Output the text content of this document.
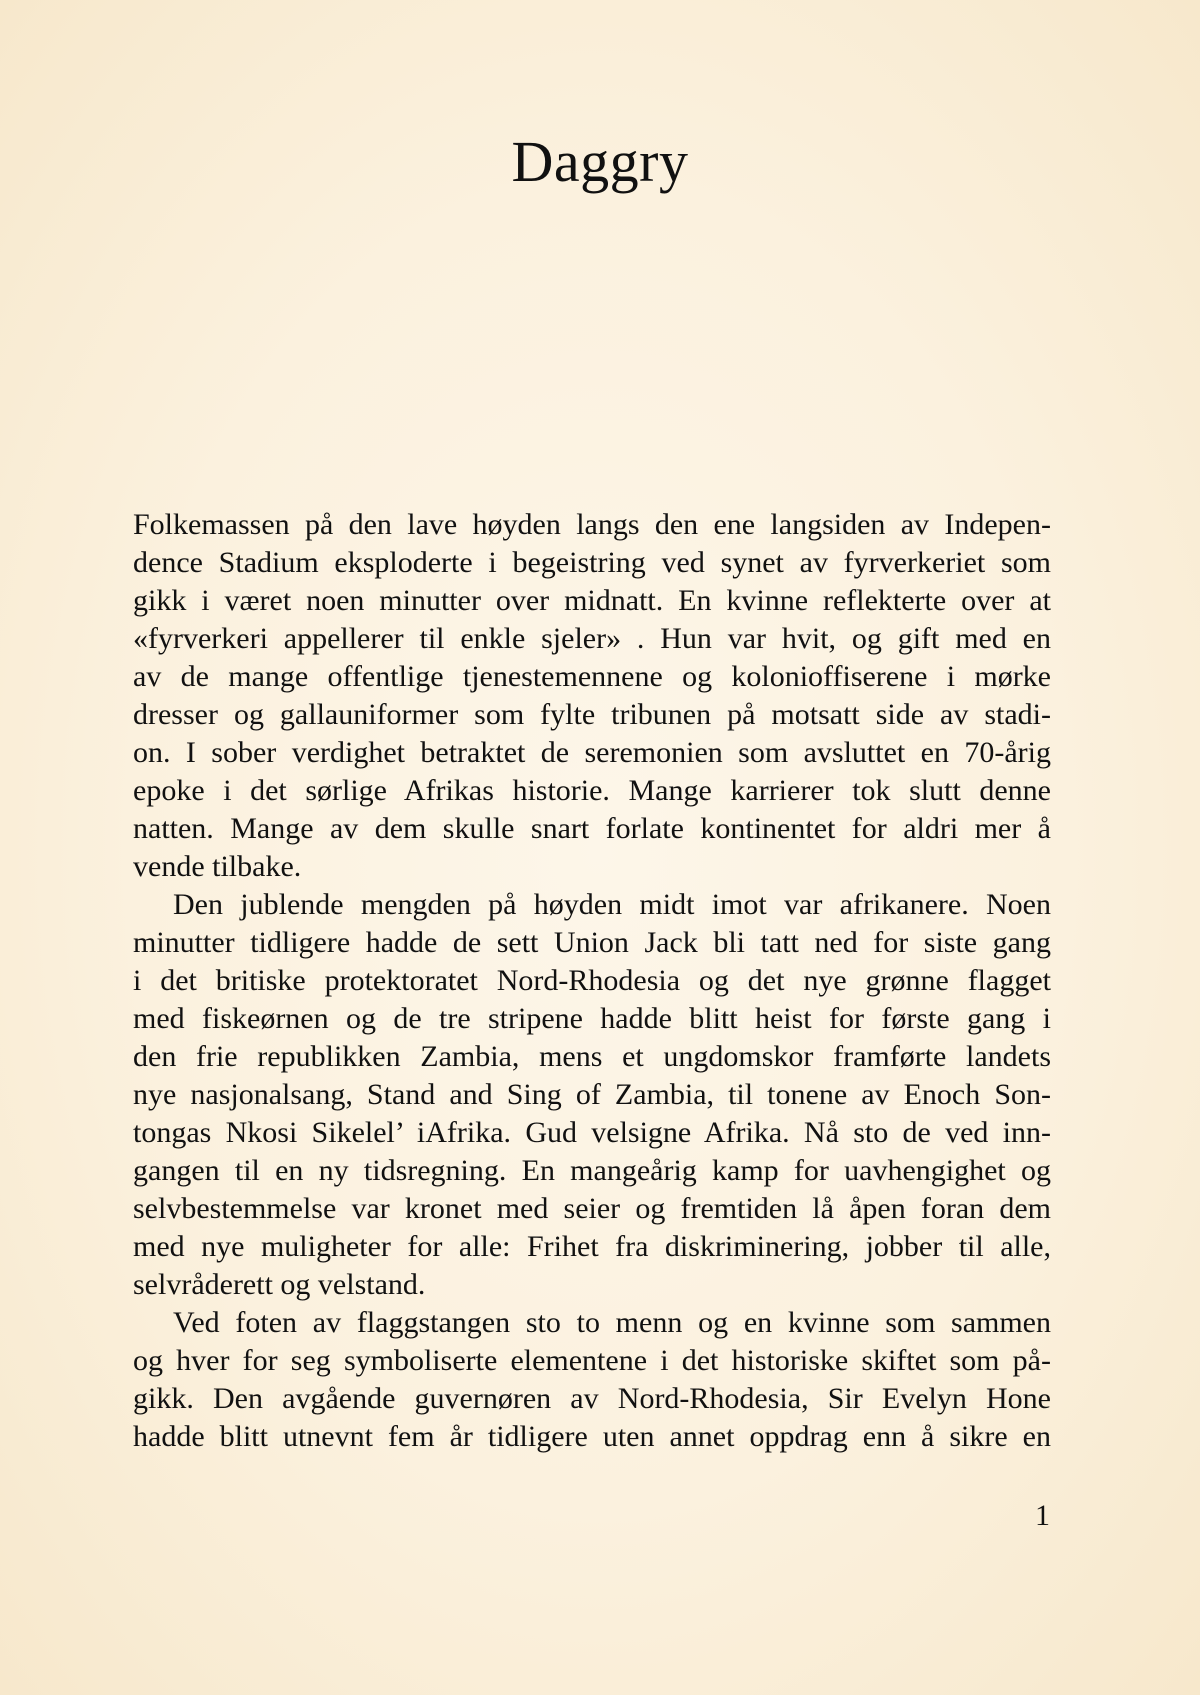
Daggry
Folkemassen på den lave høyden langs den ene langsiden av Indepen-
dence Stadium eksploderte i begeistring ved synet av fyrverkeriet som
gikk i været noen minutter over midnatt. En kvinne reflekterte over at
«fyrverkeri appellerer til enkle sjeler» . Hun var hvit, og gift med en
av de mange offentlige tjenestemennene og kolonioffiserene i mørke
dresser og gallauniformer som fylte tribunen på motsatt side av stadi-
on. I sober verdighet betraktet de seremonien som avsluttet en 70-årig
epoke i det sørlige Afrikas historie. Mange karrierer tok slutt denne
natten. Mange av dem skulle snart forlate kontinentet for aldri mer å
vende tilbake.
Den jublende mengden på høyden midt imot var afrikanere. Noen
minutter tidligere hadde de sett Union Jack bli tatt ned for siste gang
i det britiske protektoratet Nord-Rhodesia og det nye grønne flagget
med fiskeørnen og de tre stripene hadde blitt heist for første gang i
den frie republikken Zambia, mens et ungdomskor framførte landets
nye nasjonalsang, Stand and Sing of Zambia, til tonene av Enoch Son-
tongas Nkosi Sikelel’ iAfrika. Gud velsigne Afrika. Nå sto de ved inn-
gangen til en ny tidsregning. En mangeårig kamp for uavhengighet og
selvbestemmelse var kronet med seier og fremtiden lå åpen foran dem
med nye muligheter for alle: Frihet fra diskriminering, jobber til alle,
selvråderett og velstand.
Ved foten av flaggstangen sto to menn og en kvinne som sammen
og hver for seg symboliserte elementene i det historiske skiftet som på-
gikk. Den avgående guvernøren av Nord-Rhodesia, Sir Evelyn Hone
hadde blitt utnevnt fem år tidligere uten annet oppdrag enn å sikre en
1
